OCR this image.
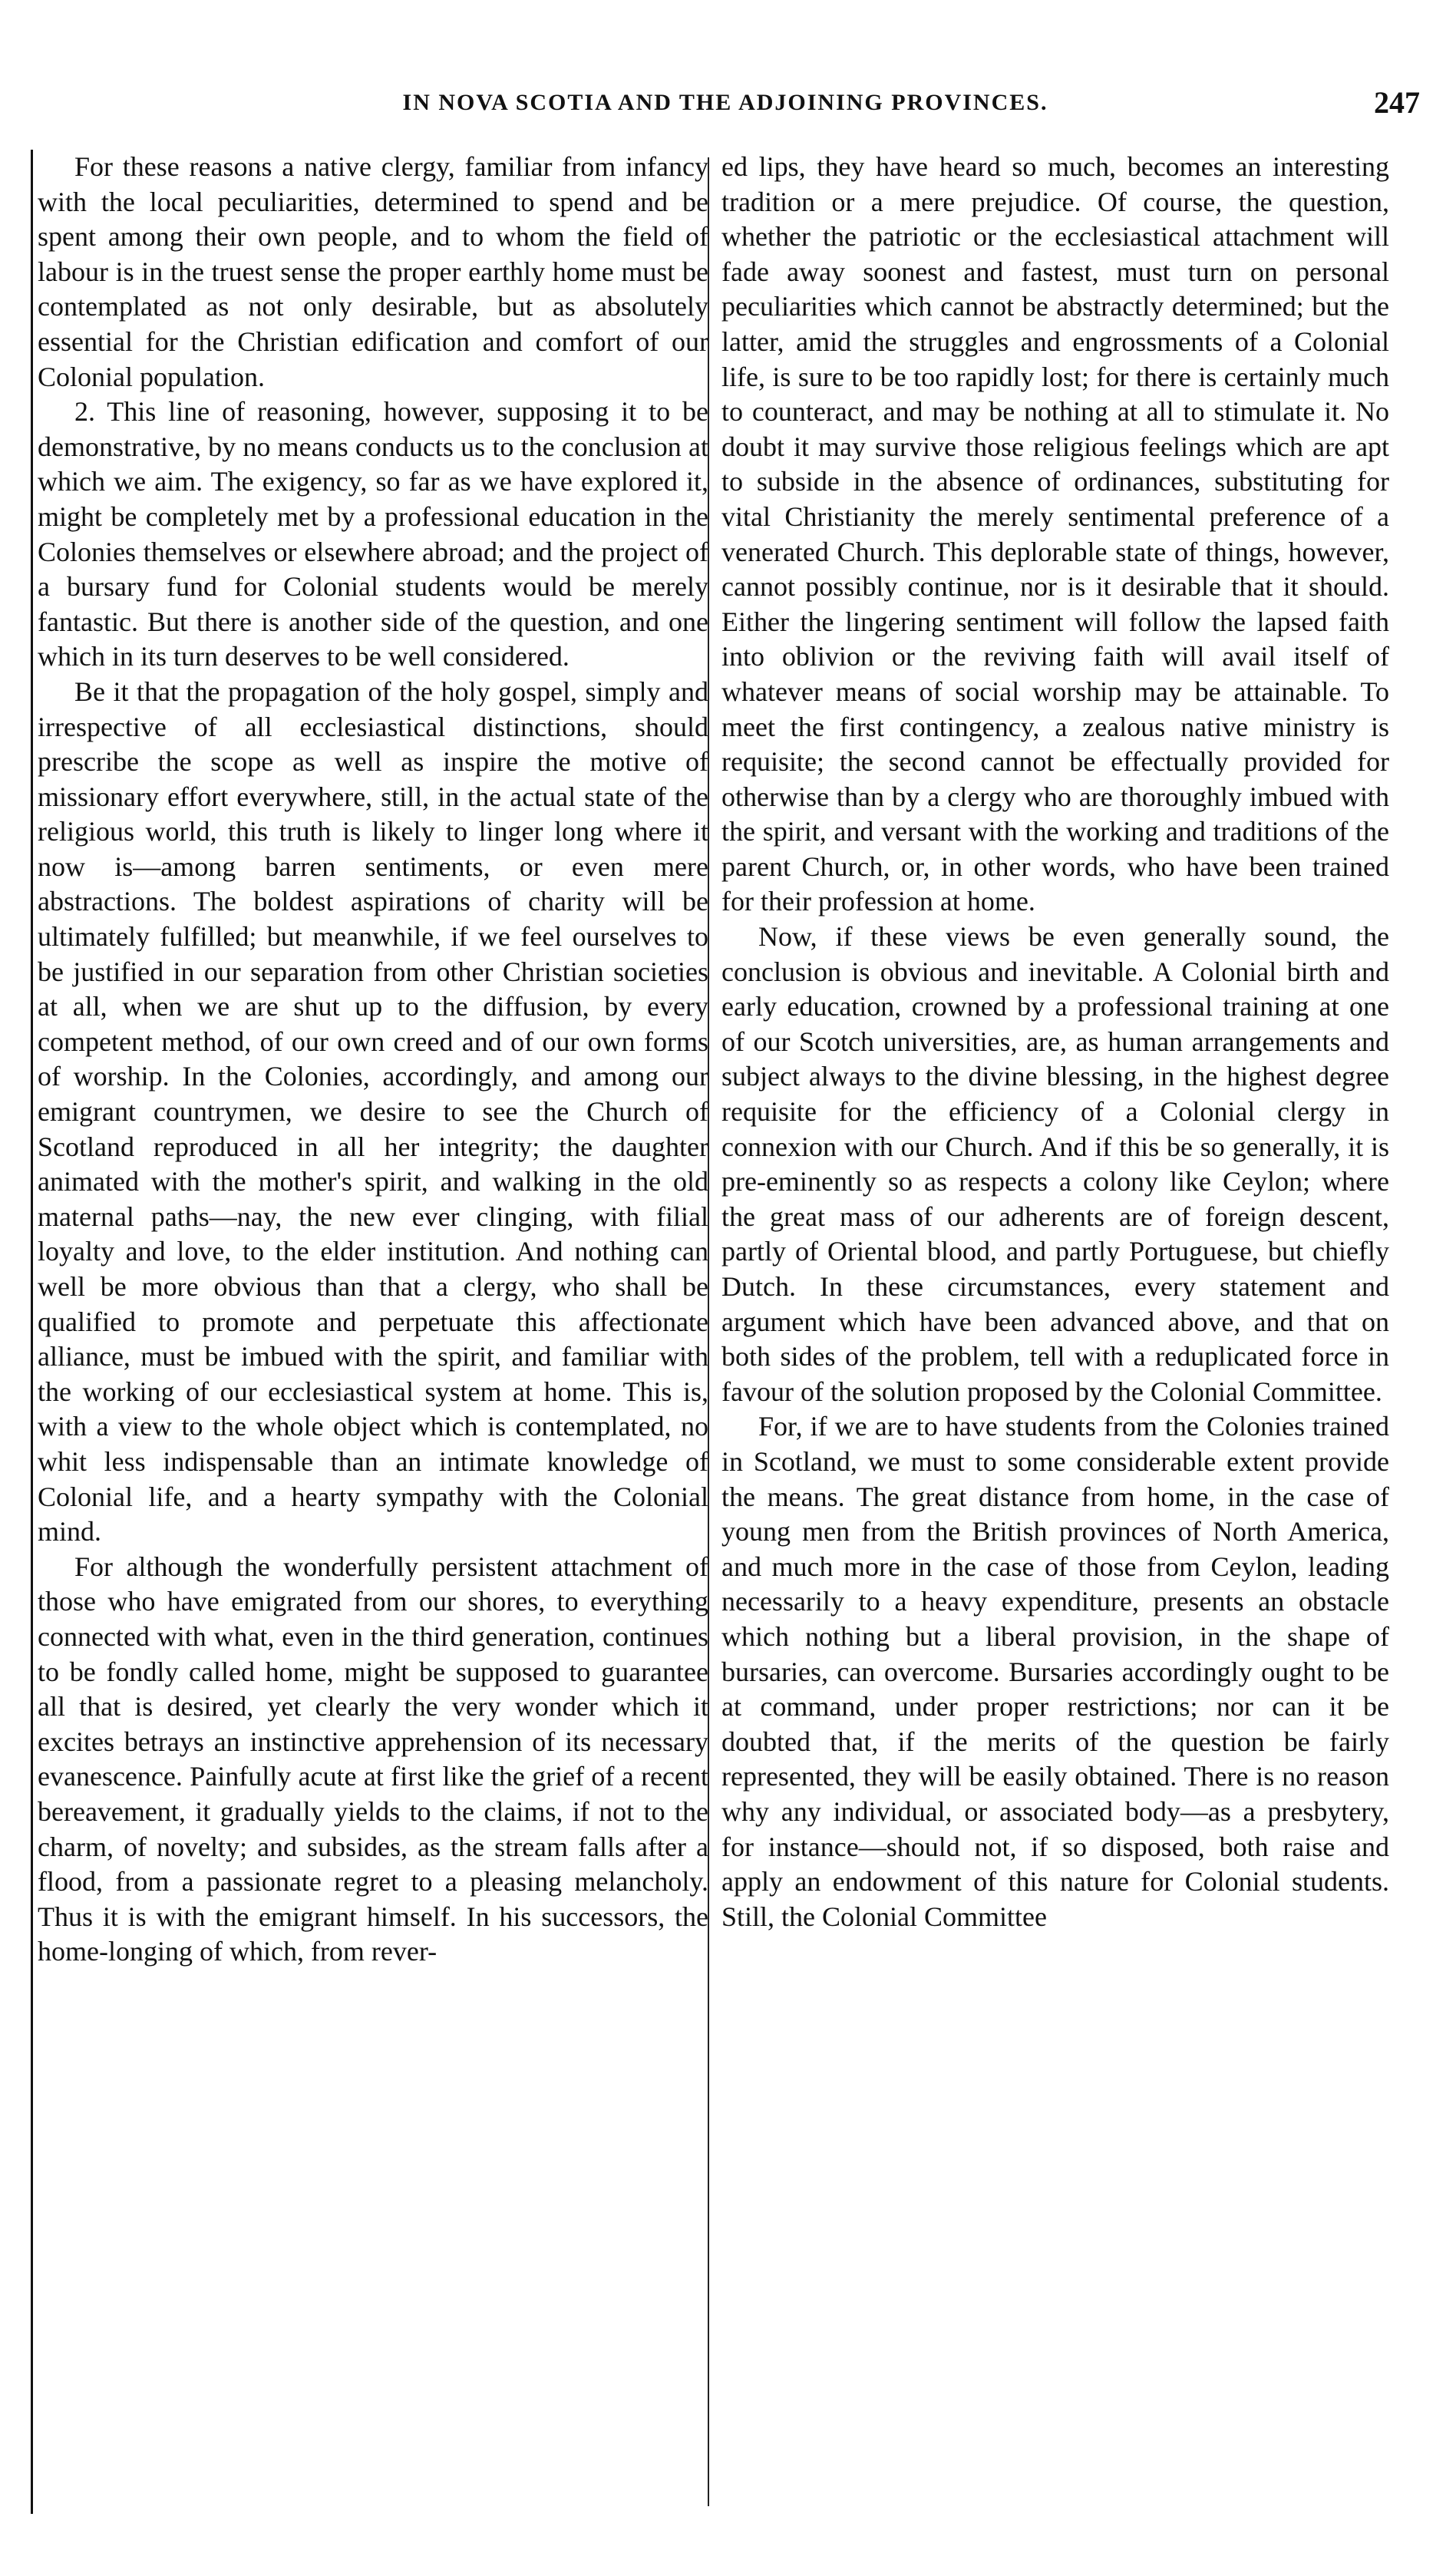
IN NOVA SCOTIA AND THE ADJOINING PROVINCES.	247

For these reasons a native clergy, familiar from infancy with the local peculiarities, determined to spend and be spent among their own people, and to whom the field of labour is in the truest sense the proper earthly home must be contemplated as not only desirable, but as absolutely essential for the Christian edification and comfort of our Colonial population.

2. This line of reasoning, however, supposing it to be demonstrative, by no means conducts us to the conclusion at which we aim. The exigency, so far as we have explored it, might be completely met by a professional education in the Colonies themselves or elsewhere abroad; and the project of a bursary fund for Colonial students would be merely fantastic. But there is another side of the question, and one which in its turn deserves to be well considered.

Be it that the propagation of the holy gospel, simply and irrespective of all ecclesiastical distinctions, should prescribe the scope as well as inspire the motive of missionary effort everywhere, still, in the actual state of the religious world, this truth is likely to linger long where it now is—among barren sentiments, or even mere abstractions. The boldest aspirations of charity will be ultimately fulfilled; but meanwhile, if we feel ourselves to be justified in our separation from other Christian societies at all, when we are shut up to the diffusion, by every competent method, of our own creed and of our own forms of worship. In the Colonies, accordingly, and among our emigrant countrymen, we desire to see the Church of Scotland reproduced in all her integrity; the daughter animated with the mother's spirit, and walking in the old maternal paths—nay, the new ever clinging, with filial loyalty and love, to the elder institution. And nothing can well be more obvious than that a clergy, who shall be qualified to promote and perpetuate this affectionate alliance, must be imbued with the spirit, and familiar with the working of our ecclesiastical system at home. This is, with a view to the whole object which is contemplated, no whit less indispensable than an intimate knowledge of Colonial life, and a hearty sympathy with the Colonial mind.

For although the wonderfully persistent attachment of those who have emigrated from our shores, to everything connected with what, even in the third generation, continues to be fondly called home, might be supposed to guarantee all that is desired, yet clearly the very wonder which it excites betrays an instinctive apprehension of its necessary evanescence. Painfully acute at first like the grief of a recent bereavement, it gradually yields to the claims, if not to the charm, of novelty; and subsides, as the stream falls after a flood, from a passionate regret to a pleasing melancholy. Thus it is with the emigrant himself. In his successors, the home-longing of which, from rever-

ed lips, they have heard so much, becomes an interesting tradition or a mere prejudice. Of course, the question, whether the patriotic or the ecclesiastical attachment will fade away soonest and fastest, must turn on personal peculiarities which cannot be abstractly determined; but the latter, amid the struggles and engrossments of a Colonial life, is sure to be too rapidly lost; for there is certainly much to counteract, and may be nothing at all to stimulate it. No doubt it may survive those religious feelings which are apt to subside in the absence of ordinances, substituting for vital Christianity the merely sentimental preference of a venerated Church. This deplorable state of things, however, cannot possibly continue, nor is it desirable that it should. Either the lingering sentiment will follow the lapsed faith into oblivion or the reviving faith will avail itself of whatever means of social worship may be attainable. To meet the first contingency, a zealous native ministry is requisite; the second cannot be effectually provided for otherwise than by a clergy who are thoroughly imbued with the spirit, and versant with the working and traditions of the parent Church, or, in other words, who have been trained for their profession at home.

Now, if these views be even generally sound, the conclusion is obvious and inevitable. A Colonial birth and early education, crowned by a professional training at one of our Scotch universities, are, as human arrangements and subject always to the divine blessing, in the highest degree requisite for the efficiency of a Colonial clergy in connexion with our Church. And if this be so generally, it is pre-eminently so as respects a colony like Ceylon; where the great mass of our adherents are of foreign descent, partly of Oriental blood, and partly Portuguese, but chiefly Dutch. In these circumstances, every statement and argument which have been advanced above, and that on both sides of the problem, tell with a reduplicated force in favour of the solution proposed by the Colonial Committee.

For, if we are to have students from the Colonies trained in Scotland, we must to some considerable extent provide the means. The great distance from home, in the case of young men from the British provinces of North America, and much more in the case of those from Ceylon, leading necessarily to a heavy expenditure, presents an obstacle which nothing but a liberal provision, in the shape of bursaries, can overcome. Bursaries accordingly ought to be at command, under proper restrictions; nor can it be doubted that, if the merits of the question be fairly represented, they will be easily obtained. There is no reason why any individual, or associated body—as a presbytery, for instance—should not, if so disposed, both raise and apply an endowment of this nature for Colonial students. Still, the Colonial Committee
